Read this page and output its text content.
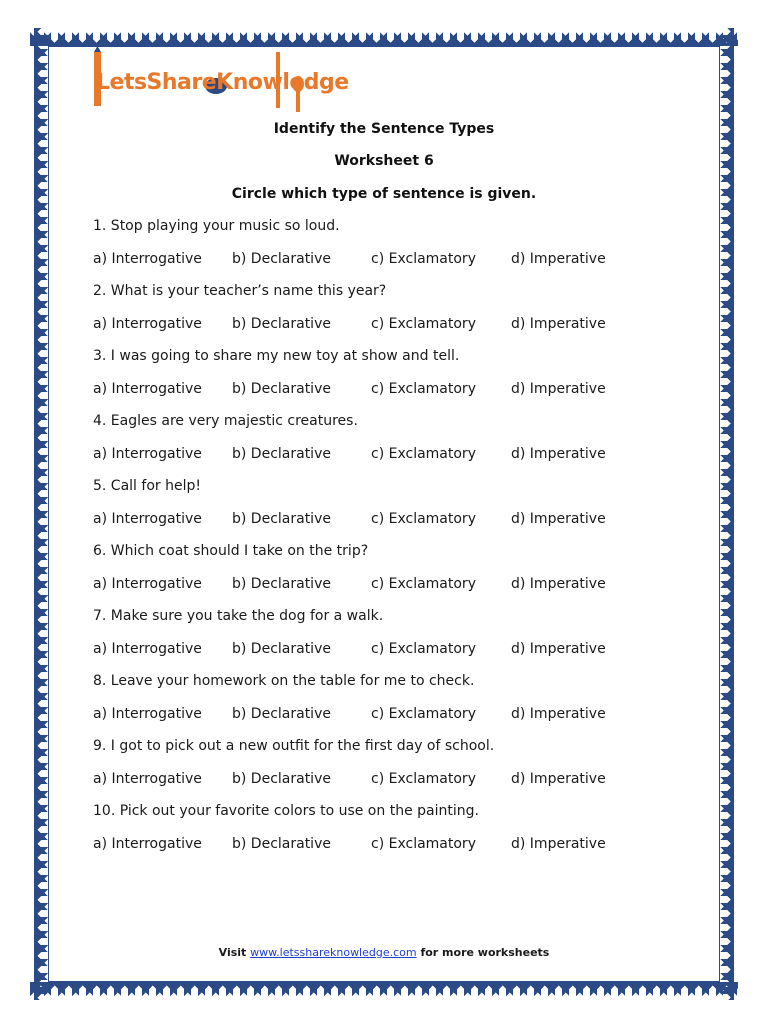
LetsShareKnowledge
Identify the Sentence Types
Worksheet 6
Circle which type of sentence is given.
1. Stop playing your music so loud.
a) Interrogative b) Declarative	c) Exclamatory	d) Imperative
2. What is your teacher’s name this year?
a) Interrogative b) Declarative	c) Exclamatory	d) Imperative
3. I was going to share my new toy at show and tell.
a) Interrogative b) Declarative	c) Exclamatory	d) Imperative
4. Eagles are very majestic creatures.
a) Interrogative b) Declarative	c) Exclamatory	d) Imperative
5. Call for help!
a) Interrogative b) Declarative	c) Exclamatory	d) Imperative
6. Which coat should I take on the trip?
a) Interrogative b) Declarative	c) Exclamatory	d) Imperative
7. Make sure you take the dog for a walk.
a) Interrogative b) Declarative	c) Exclamatory	d) Imperative
8. Leave your homework on the table for me to check.
a) Interrogative b) Declarative	c) Exclamatory	d) Imperative
9. I got to pick out a new outfit for the first day of school.
a) Interrogative b) Declarative	c) Exclamatory	d) Imperative
10. Pick out your favorite colors to use on the painting.
a) Interrogative b) Declarative	c) Exclamatory	d) Imperative
Visit www.letsshareknowledge.com for more worksheets
